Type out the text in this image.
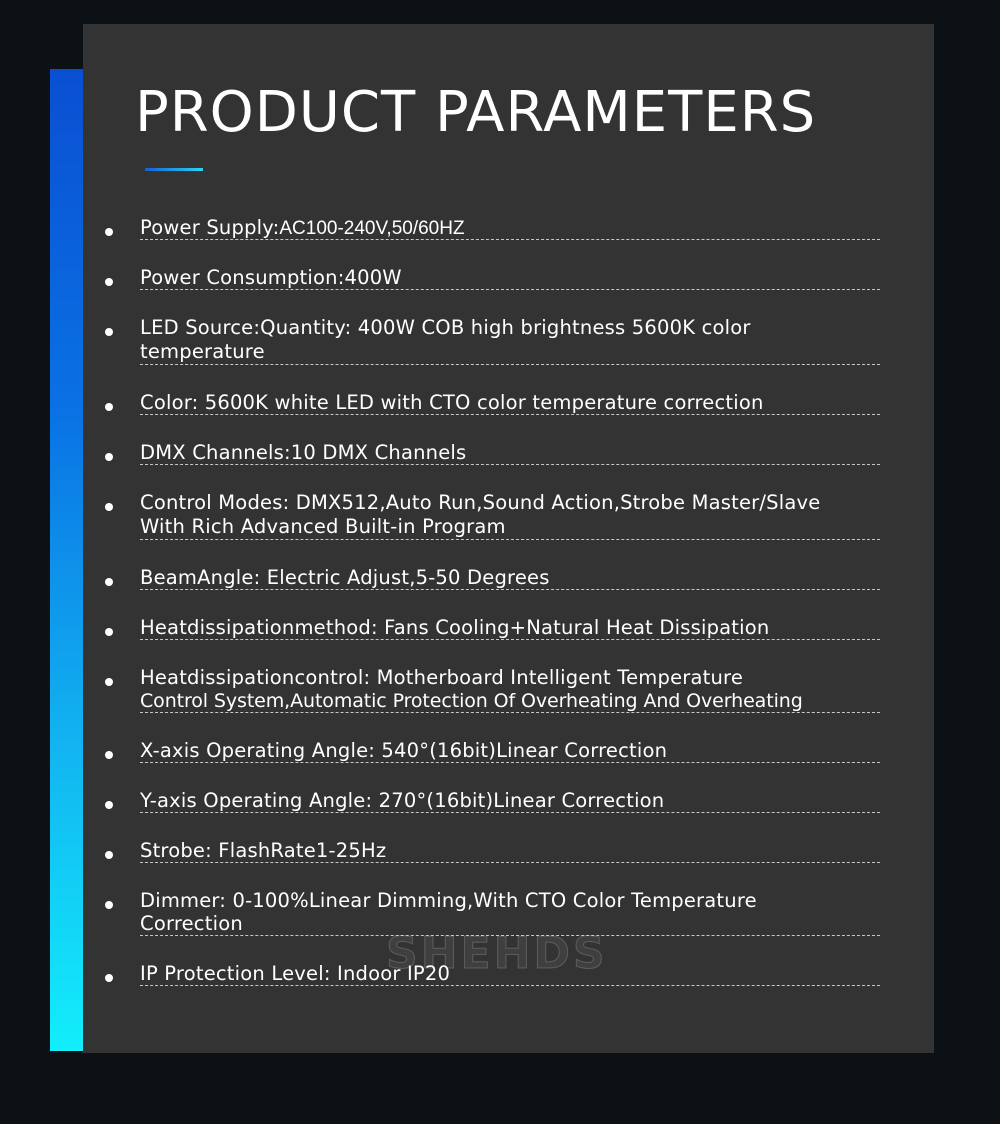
PRODUCT PARAMETERS

Power Supply:AC100-240V,50/60HZ

Power Consumption:400W

LED Source:Quantity: 400W COB high brightness 5600K color
temperature

Color: 5600K white LED with CTO color temperature correction

DMX Channels:10 DMX Channels

Control Modes: DMX512,Auto Run,Sound Action,Strobe Master/Slave
With Rich Advanced Built-in Program

BeamAngle: Electric Adjust,5-50 Degrees

Heatdissipationmethod: Fans Cooling+Natural Heat Dissipation

Heatdissipationcontrol: Motherboard Intelligent Temperature
Control System,Automatic Protection Of Overheating And Overheating

X-axis Operating Angle: 540°(16bit)Linear Correction

Y-axis Operating Angle: 270°(16bit)Linear Correction

Strobe: FlashRate1-25Hz

Dimmer: 0-100%Linear Dimming,With CTO Color Temperature
Correction

IP Protection Level: Indoor IP20

SHEHDS
